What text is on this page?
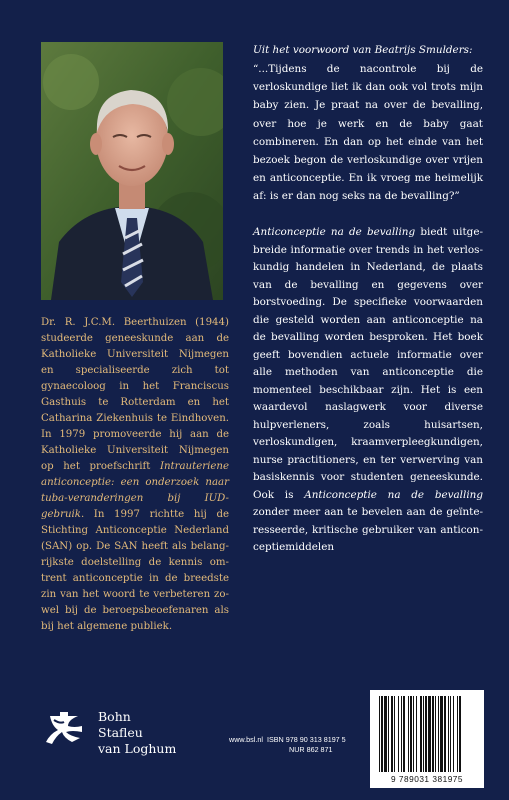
Dr. R. J.C.M. Beerthuizen (1944) studeerde geneeskunde aan de Katholieke Universiteit Nijmegen en specialiseerde zich tot gynaecoloog in het Franciscus Gasthuis te Rotterdam en het Catharina Ziekenhuis te Eindhoven. In 1979 promoveerde hij aan de Katholieke Universiteit Nijmegen op het proefschrift Intrauteriene anticonceptie: een onderzoek naar tuba-veranderingen bij IUD-gebruik. In 1997 richtte hij de Stichting Anticonceptie Nederland (SAN) op. De SAN heeft als belangrijkste doelstelling de kennis omtrent anticonceptie in de breedste zin van het woord te verbeteren zowel bij de beroepsbeoefenaren als bij het algemene publiek.

Uit het voorwoord van Beatrijs Smulders:

“...Tijdens de nacontrole bij de verloskundige liet ik dan ook vol trots mijn baby zien. Je praat na over de bevalling, over hoe je werk en de baby gaat combineren. En dan op het einde van het bezoek begon de verloskundige over vrijen en anticonceptie. En ik vroeg me heimelijk af: is er dan nog seks na de bevalling?”

Anticonceptie na de bevalling biedt uitgebreide informatie over trends in het verloskundig handelen in Nederland, de plaats van de bevalling en gegevens over borstvoeding. De specifieke voorwaarden die gesteld worden aan anticonceptie na de bevalling worden besproken. Het boek geeft bovendien actuele informatie over alle methoden van anticonceptie die momenteel beschikbaar zijn. Het is een waardevol naslagwerk voor diverse hulpverleners, zoals huisartsen, verloskundigen, kraamverpleegkundigen, nurse practitioners, en ter verwerving van basiskennis voor studenten geneeskunde. Ook is Anticonceptie na de bevalling zonder meer aan te bevelen aan de geïnteresseerde, kritische gebruiker van anticonceptiemiddelen

Bohn
Stafleu
van Loghum
www.bsl.nl ISBN 978 90 313 8197 5
NUR 862 871
9 789031 381975
